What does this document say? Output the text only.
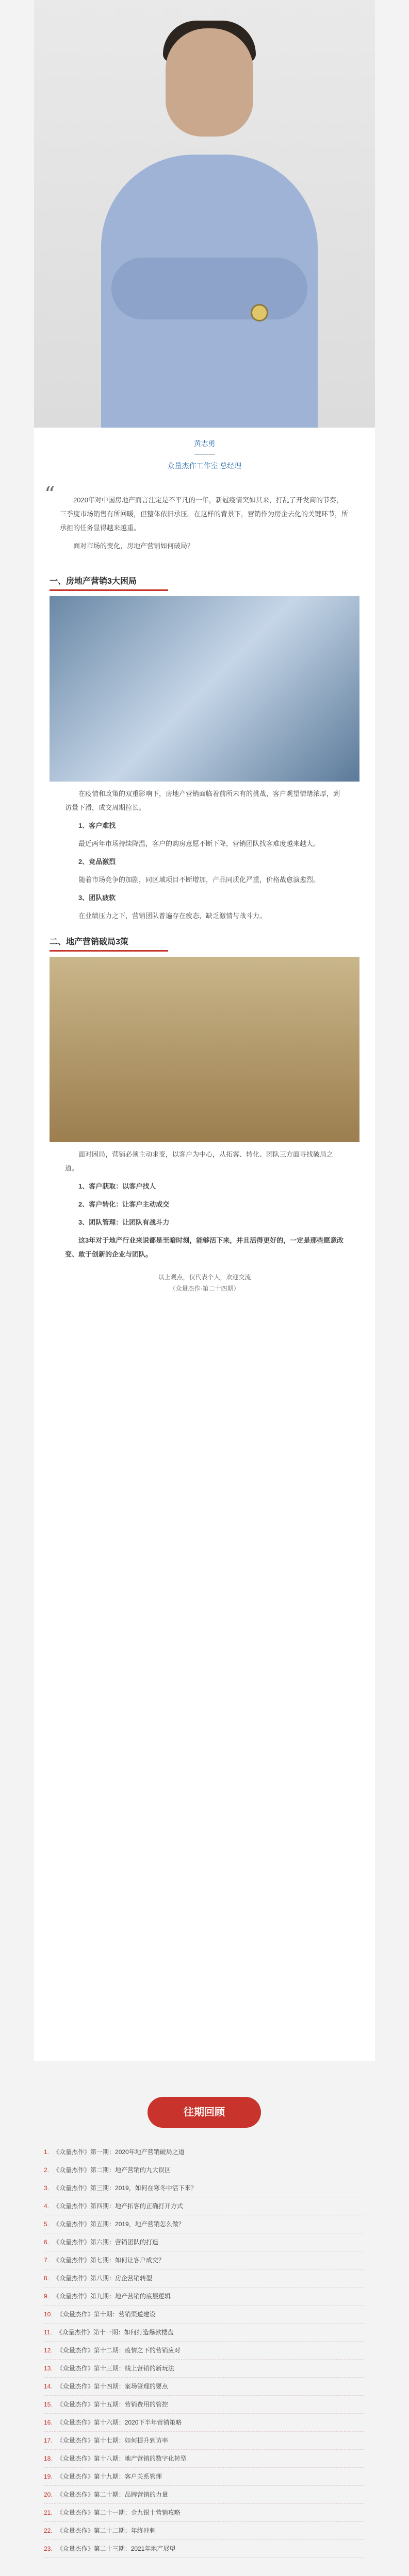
黄志勇
众量杰作工作室 总经理
“	2020年对中国房地产而言注定是不平凡的一年，新冠疫情突如其来，打乱了开发商的节奏，三季度市场销售有所回暖，但整体依旧承压。在这样的背景下，营销作为房企去化的关键环节，所承担的任务显得越来越重。

面对市场的变化，房地产营销如何破局？

一、房地产营销3大困局

在疫情和政策的双重影响下，房地产营销面临着前所未有的挑战，客户观望情绪浓厚，到访量下滑，成交周期拉长。

1、客户难找

最近两年市场持续降温，客户的购房意愿不断下降，营销团队找客难度越来越大。

2、竞品激烈

随着市场竞争的加剧，同区域项目不断增加，产品同质化严重，价格战愈演愈烈。

3、团队疲软

在业绩压力之下，营销团队普遍存在疲态，缺乏激情与战斗力。

二、地产营销破局3策

面对困局，营销必须主动求变，以客户为中心，从拓客、转化、团队三方面寻找破局之道。

1、客户获取：以客户找人

2、客户转化：让客户主动成交

3、团队管理：让团队有战斗力

这3年对于地产行业来说都是至暗时刻，能够活下来，并且活得更好的，一定是那些愿意改变、敢于创新的企业与团队。

以上观点，仅代表个人，欢迎交流
（众量杰作·第二十四期）
往期回顾
1. 《众量杰作》第一期：2020年地产营销破局之道
2. 《众量杰作》第二期：地产营销的九大误区
3. 《众量杰作》第三期：2019，如何在寒冬中活下来？
4. 《众量杰作》第四期：地产拓客的正确打开方式
5. 《众量杰作》第五期：2019，地产营销怎么做？
6. 《众量杰作》第六期：营销团队的打造
7. 《众量杰作》第七期：如何让客户成交？
8. 《众量杰作》第八期：房企营销转型
9. 《众量杰作》第九期：地产营销的底层逻辑
10. 《众量杰作》第十期：营销渠道建设
11. 《众量杰作》第十一期：如何打造爆款楼盘
12. 《众量杰作》第十二期：疫情之下的营销应对
13. 《众量杰作》第十三期：线上营销的新玩法
14. 《众量杰作》第十四期：案场管理的要点
15. 《众量杰作》第十五期：营销费用的管控
16. 《众量杰作》第十六期：2020下半年营销策略
17. 《众量杰作》第十七期：如何提升到访率
18. 《众量杰作》第十八期：地产营销的数字化转型
19. 《众量杰作》第十九期：客户关系管理
20. 《众量杰作》第二十期：品牌营销的力量
21. 《众量杰作》第二十一期：金九银十营销攻略
22. 《众量杰作》第二十二期：年终冲刺
23. 《众量杰作》第二十三期：2021年地产展望
